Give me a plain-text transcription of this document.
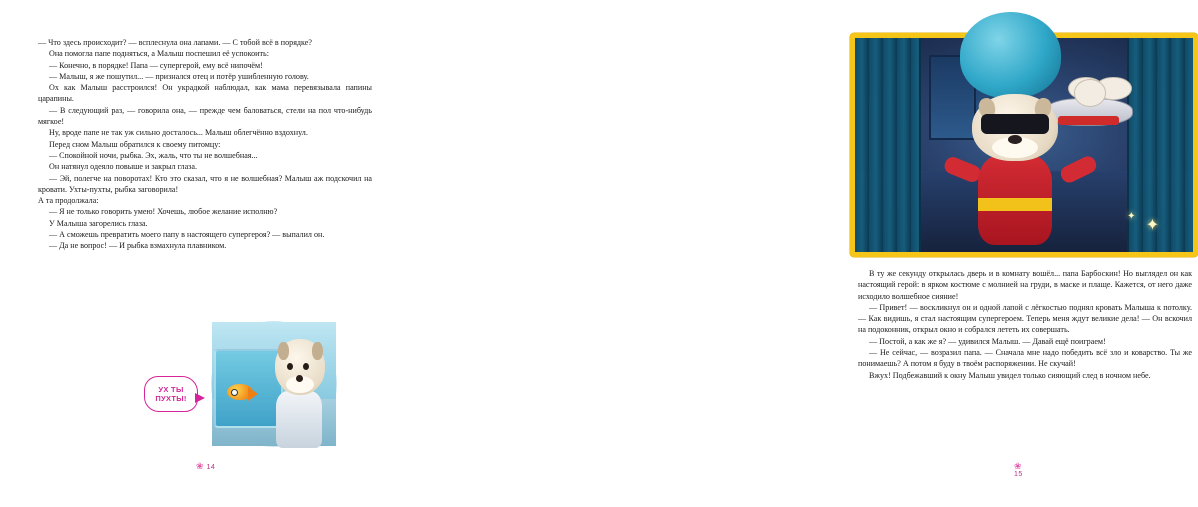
— Что здесь происходит? — всплеснула она лапами. — С тобой всё в порядке?

Она помогла папе подняться, а Малыш поспешил её успокоить:

— Конечно, в порядке! Папа — супергерой, ему всё нипочём!

— Малыш, я же пошутил... — признался отец и потёр ушибленную голову.

Ох как Малыш расстроился! Он украдкой наблюдал, как мама перевязывала папины царапины.

— В следующий раз, — говорила она, — прежде чем баловаться, стели на пол что-нибудь мягкое!

Ну, вроде папе не так уж сильно досталось... Малыш облегчённо вздохнул.

Перед сном Малыш обратился к своему питомцу:

— Спокойной ночи, рыбка. Эх, жаль, что ты не волшебная...

Он натянул одеяло повыше и закрыл глаза.

— Эй, полегче на поворотах! Кто это сказал, что я не волшебная? Малыш аж подскочил на кровати. Ухты-пухты, рыбка заговорила!

А та продолжала:

— Я не только говорить умею! Хочешь, любое желание исполню?

У Малыша загорелись глаза.

— А сможешь превратить моего папу в настоящего супергероя? — выпалил он.

— Да не вопрос! — И рыбка взмахнула плавником.

УХ ТЫ
ПУХТЫ!
❀ 14
✦
✦

В ту же секунду открылась дверь и в комнату вошёл... папа Барбоскин! Но выглядел он как настоящий герой: в ярком костюме с молнией на груди, в маске и плаще. Кажется, от него даже исходило волшебное сияние!

— Привет! — воскликнул он и одной лапой с лёгкостью поднял кровать Малыша к потолку. — Как видишь, я стал настоящим супергероем. Теперь меня ждут великие дела! — Он вскочил на подоконник, открыл окно и собрался лететь их совершать.

— Постой, а как же я? — удивился Малыш. — Давай ещё поиграем!

— Не сейчас, — возразил папа. — Сначала мне надо победить всё зло и коварство. Ты же понимаешь? А потом я буду в твоём распоряжении. Не скучай!

Вжух! Подбежавший к окну Малыш увидел только сияющий след в ночном небе.

❀ 15
